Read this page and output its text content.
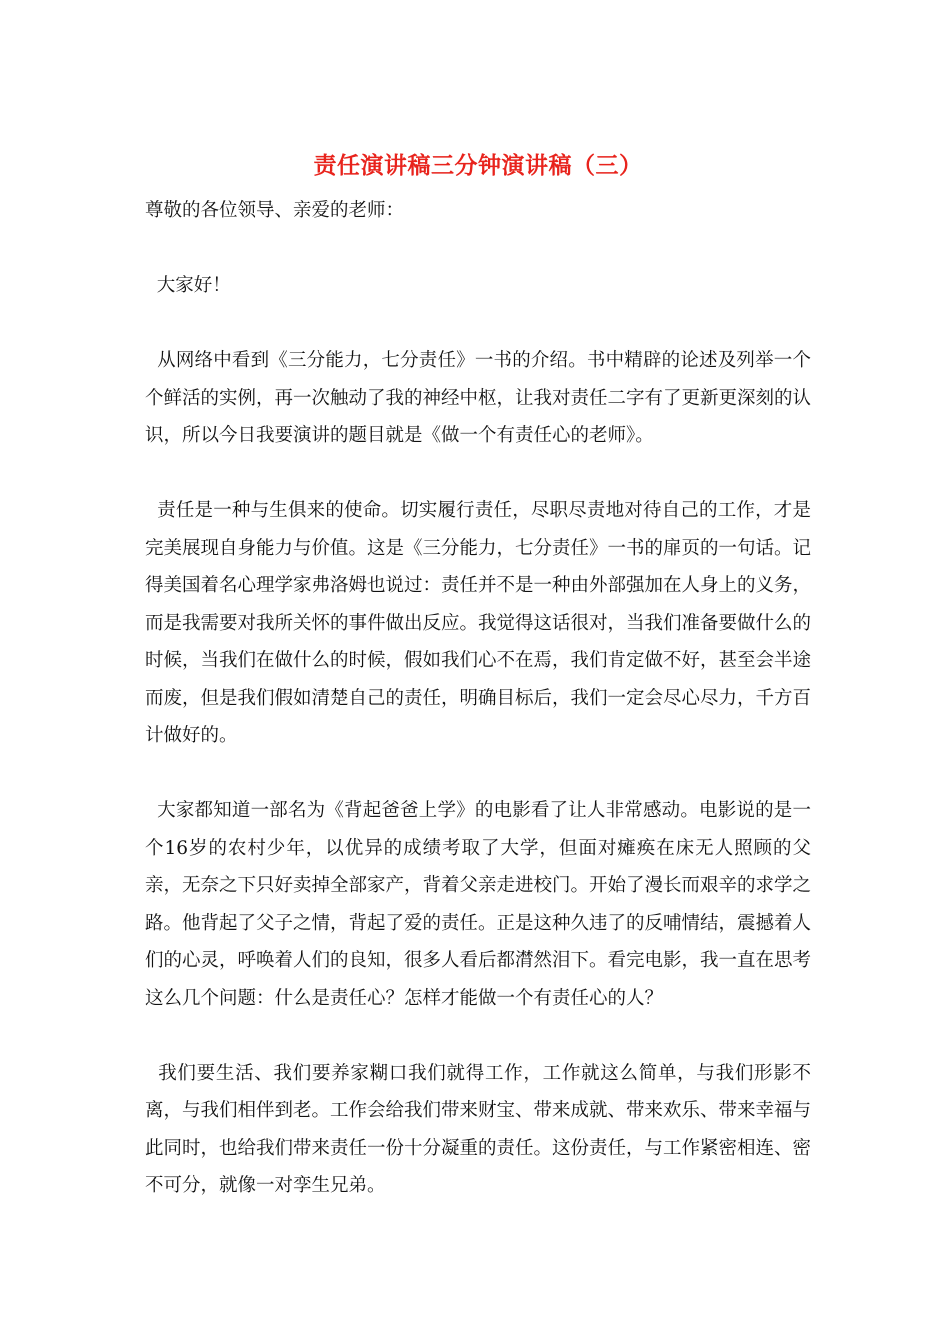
责任演讲稿三分钟演讲稿（三）

尊敬的各位领导、亲爱的老师：

大家好！

从网络中看到《三分能力，七分责任》一书的介绍。书中精辟的论述及列举一个个鲜活的实例，再一次触动了我的神经中枢，让我对责任二字有了更新更深刻的认识，所以今日我要演讲的题目就是《做一个有责任心的老师》。

责任是一种与生俱来的使命。切实履行责任，尽职尽责地对待自己的工作，才是完美展现自身能力与价值。这是《三分能力，七分责任》一书的扉页的一句话。记得美国着名心理学家弗洛姆也说过：责任并不是一种由外部强加在人身上的义务，而是我需要对我所关怀的事件做出反应。我觉得这话很对，当我们准备要做什么的时候，当我们在做什么的时候，假如我们心不在焉，我们肯定做不好，甚至会半途而废，但是我们假如清楚自己的责任，明确目标后，我们一定会尽心尽力，千方百计做好的。

大家都知道一部名为《背起爸爸上学》的电影看了让人非常感动。电影说的是一个16岁的农村少年，以优异的成绩考取了大学，但面对瘫痪在床无人照顾的父亲，无奈之下只好卖掉全部家产，背着父亲走进校门。开始了漫长而艰辛的求学之路。他背起了父子之情，背起了爱的责任。正是这种久违了的反哺情结，震撼着人们的心灵，呼唤着人们的良知，很多人看后都潸然泪下。看完电影，我一直在思考这么几个问题：什么是责任心？怎样才能做一个有责任心的人？

我们要生活、我们要养家糊口我们就得工作，工作就这么简单，与我们形影不离，与我们相伴到老。工作会给我们带来财宝、带来成就、带来欢乐、带来幸福与此同时，也给我们带来责任一份十分凝重的责任。这份责任，与工作紧密相连、密不可分，就像一对孪生兄弟。
